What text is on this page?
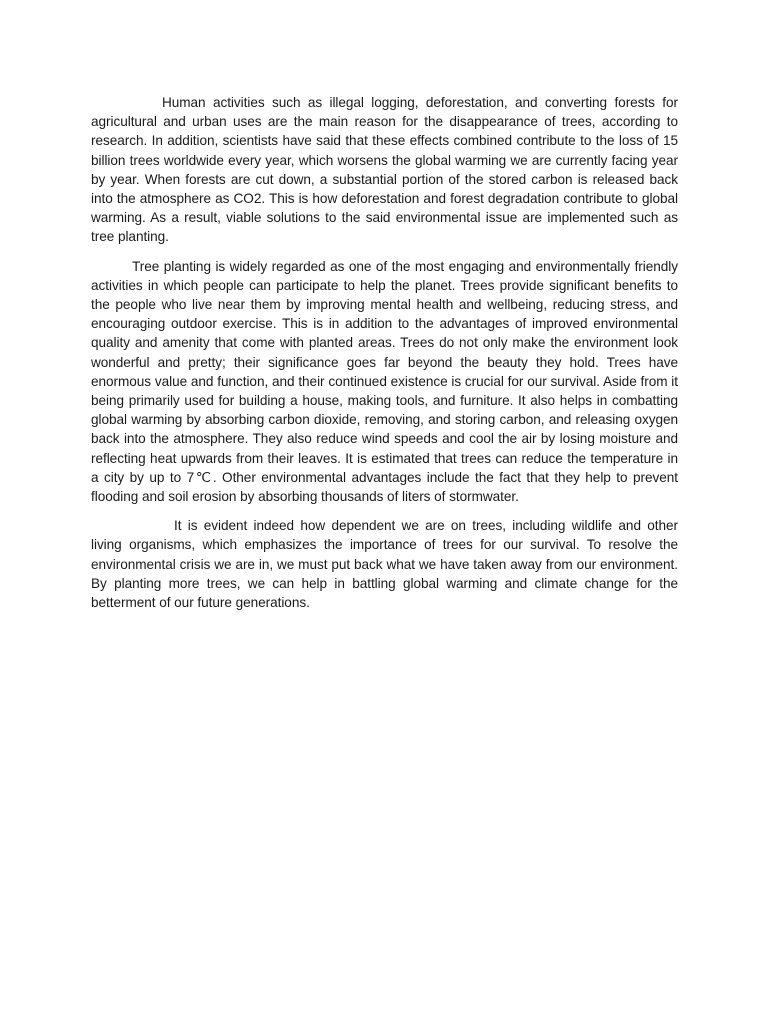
Human activities such as illegal logging, deforestation, and converting forests for agricultural and urban uses are the main reason for the disappearance of trees, according to research. In addition, scientists have said that these effects combined contribute to the loss of 15 billion trees worldwide every year, which worsens the global warming we are currently facing year by year. When forests are cut down, a substantial portion of the stored carbon is released back into the atmosphere as CO2. This is how deforestation and forest degradation contribute to global warming. As a result, viable solutions to the said environmental issue are implemented such as tree planting.

Tree planting is widely regarded as one of the most engaging and environmentally friendly activities in which people can participate to help the planet. Trees provide significant benefits to the people who live near them by improving mental health and wellbeing, reducing stress, and encouraging outdoor exercise. This is in addition to the advantages of improved environmental quality and amenity that come with planted areas. Trees do not only make the environment look wonderful and pretty; their significance goes far beyond the beauty they hold. Trees have enormous value and function, and their continued existence is crucial for our survival. Aside from it being primarily used for building a house, making tools, and furniture. It also helps in combatting global warming by absorbing carbon dioxide, removing, and storing carbon, and releasing oxygen back into the atmosphere. They also reduce wind speeds and cool the air by losing moisture and reflecting heat upwards from their leaves. It is estimated that trees can reduce the temperature in a city by up to 7℃. Other environmental advantages include the fact that they help to prevent flooding and soil erosion by absorbing thousands of liters of stormwater.

It is evident indeed how dependent we are on trees, including wildlife and other living organisms, which emphasizes the importance of trees for our survival. To resolve the environmental crisis we are in, we must put back what we have taken away from our environment. By planting more trees, we can help in battling global warming and climate change for the betterment of our future generations.
